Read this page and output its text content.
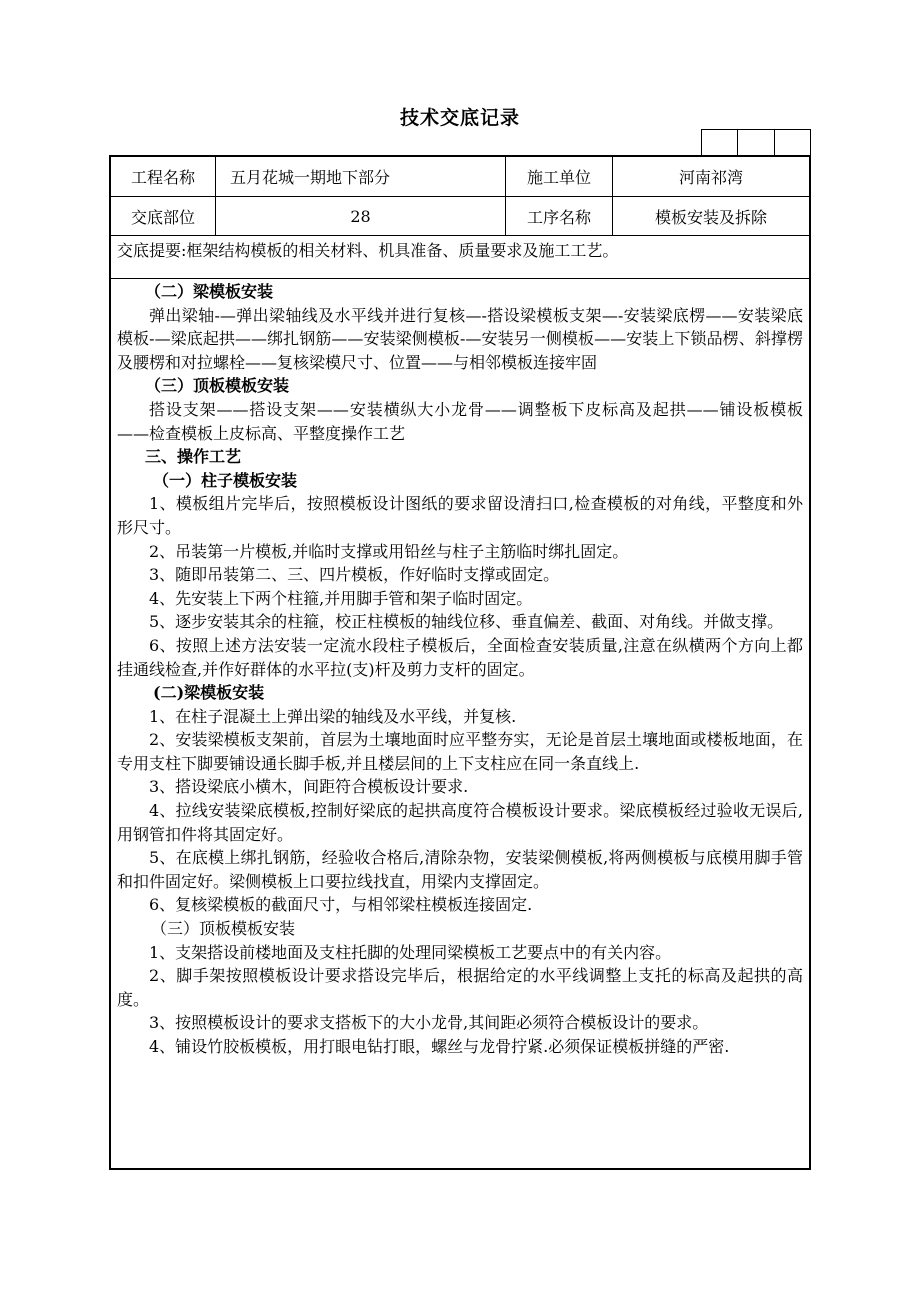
技术交底记录
工程名称	五月花城一期地下部分	施工单位	河南祁湾
交底部位	28	工序名称	模板安装及拆除
交底提要:框架结构模板的相关材料、机具准备、质量要求及施工工艺。

（二）梁模板安装

弹出梁轴-—弹出梁轴线及水平线并进行复核—-搭设梁模板支架—-安装梁底楞——安装梁底模板-—梁底起拱——绑扎钢筋——安装梁侧模板-—安装另一侧模板——安装上下锁品楞、斜撑楞及腰楞和对拉螺栓——复核梁模尺寸、位置——与相邻模板连接牢固

（三）顶板模板安装

搭设支架——搭设支架——安装横纵大小龙骨——调整板下皮标高及起拱——铺设板模板——检查模板上皮标高、平整度操作工艺

三、操作工艺

（一）柱子模板安装

1、模板组片完毕后，按照模板设计图纸的要求留设清扫口,检查模板的对角线，平整度和外形尺寸。

2、吊装第一片模板,并临时支撑或用铅丝与柱子主筋临时绑扎固定。

3、随即吊装第二、三、四片模板，作好临时支撑或固定。

4、先安装上下两个柱箍,并用脚手管和架子临时固定。

5、逐步安装其余的柱箍，校正柱模板的轴线位移、垂直偏差、截面、对角线。并做支撑。

6、按照上述方法安装一定流水段柱子模板后，全面检查安装质量,注意在纵横两个方向上都挂通线检查,并作好群体的水平拉(支)杆及剪力支杆的固定。

(二)梁模板安装

1、在柱子混凝土上弹出梁的轴线及水平线，并复核.

2、安装梁模板支架前，首层为土壤地面时应平整夯实，无论是首层土壤地面或楼板地面，在专用支柱下脚要铺设通长脚手板,并且楼层间的上下支柱应在同一条直线上.

3、搭设梁底小横木，间距符合模板设计要求.

4、拉线安装梁底模板,控制好梁底的起拱高度符合模板设计要求。梁底模板经过验收无误后,用钢管扣件将其固定好。

5、在底模上绑扎钢筋，经验收合格后,清除杂物，安装梁侧模板,将两侧模板与底模用脚手管和扣件固定好。梁侧模板上口要拉线找直，用梁内支撑固定。

6、复核梁模板的截面尺寸，与相邻梁柱模板连接固定.

（三）顶板模板安装

1、支架搭设前楼地面及支柱托脚的处理同梁模板工艺要点中的有关内容。

2、脚手架按照模板设计要求搭设完毕后，根据给定的水平线调整上支托的标高及起拱的高度。

3、按照模板设计的要求支搭板下的大小龙骨,其间距必须符合模板设计的要求。

4、铺设竹胶板模板，用打眼电钻打眼，螺丝与龙骨拧紧.必须保证模板拼缝的严密.
